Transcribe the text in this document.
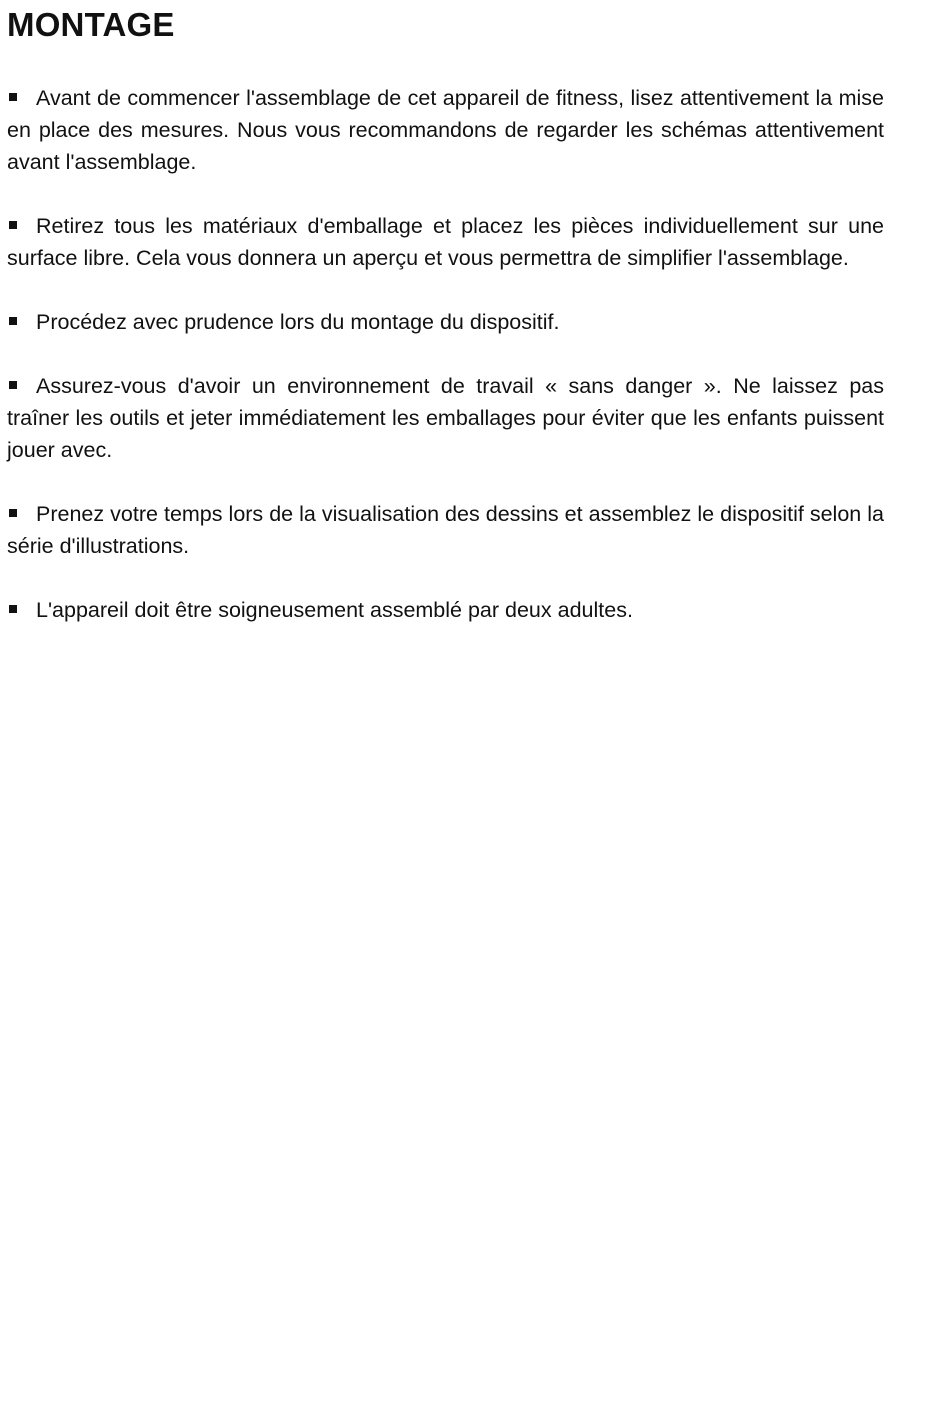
MONTAGE
Avant de commencer l'assemblage de cet appareil de fitness, lisez attentivement la mise en place des mesures. Nous vous recommandons de regarder les schémas attentivement avant l'assemblage.
Retirez tous les matériaux d'emballage et placez les pièces individuellement sur une surface libre. Cela vous donnera un aperçu et vous permettra de simplifier l'assemblage.
Procédez avec prudence lors du montage du dispositif.
Assurez-vous d'avoir un environnement de travail « sans danger ». Ne laissez pas traîner les outils et jeter immédiatement les emballages pour éviter que les enfants puissent jouer avec.
Prenez votre temps lors de la visualisation des dessins et assemblez le dispositif selon la série d'illustrations.
L'appareil doit être soigneusement assemblé par deux adultes.
